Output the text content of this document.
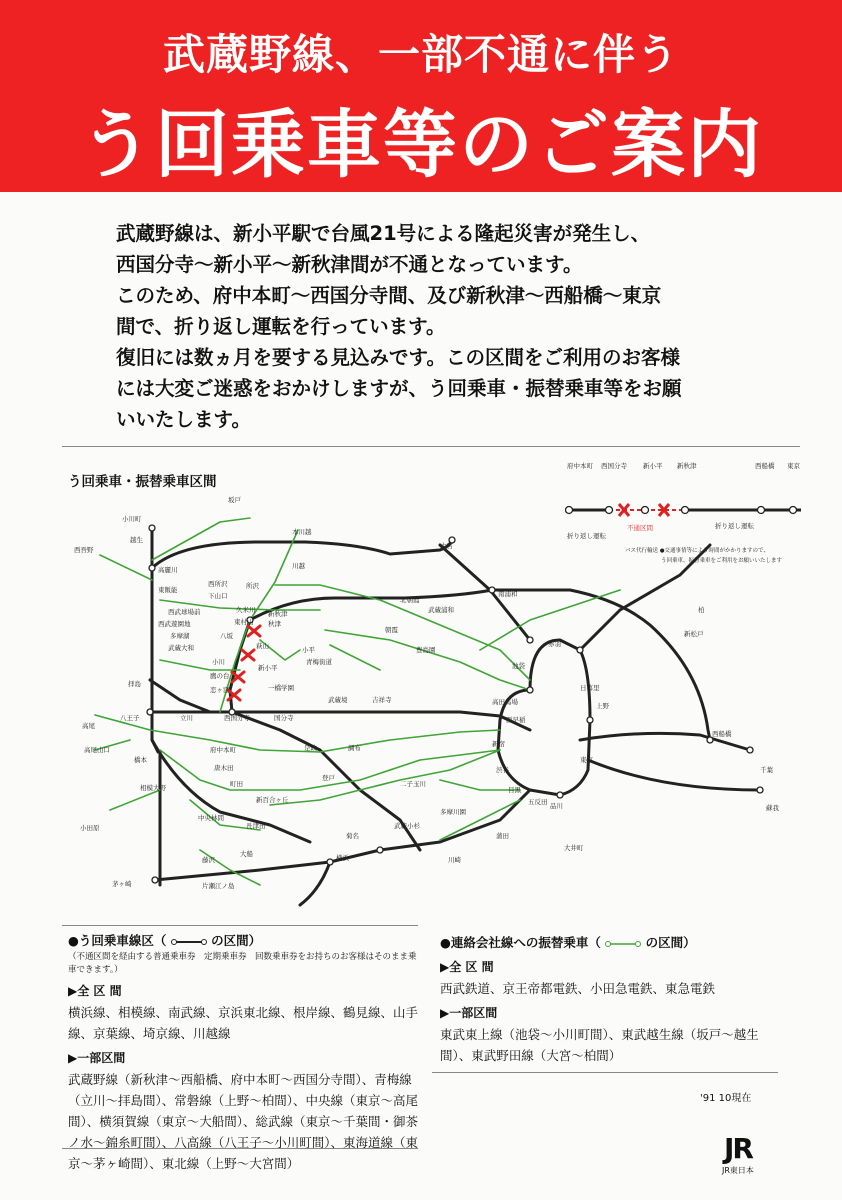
武蔵野線、一部不通に伴う
う回乗車等のご案内

武蔵野線は、新小平駅で台風21号による隆起災害が発生し、

西国分寺〜新小平〜新秋津間が不通となっています。

このため、府中本町〜西国分寺間、及び新秋津〜西船橋〜東京

間で、折り返し運転を行っています。

復旧には数ヵ月を要する見込みです。この区間をご利用のお客様

には大変ご迷惑をおかけしますが、う回乗車・振替乗車等をお願

いいたします。

う回乗車・振替乗車区間
小川町
坂戸
本川越
越生
西吾野
高麗川	川越
大宮
東飯能
西所沢	所沢
下山口	北朝霞
南浦和
柏
西武球場前	久米川	武蔵浦和
西武遊園地	東村山
新秋津
秋津
多摩湖
朝霞	新松戸
武蔵大和
八坂
萩山	小平	豊島園
赤羽
小川
新小平
青梅街道	池袋
鷹の台
拝島	一橋学園	日暮里
恋ヶ窪
高田馬場	上野
武蔵境	吉祥寺
西早稲
高尾
八王子	立川	西国分寺	国分寺
西船橋
新宿
府中本町	是政	調布
高尾山口
橋本	東京
唐木田	千葉
相模大野	町田
新百合ヶ丘
登戸
二子玉川
渋谷
目黒
五反田
蘇我
多摩川園
小田原
中央林間
長津田	武蔵小杉
品川
大井町
菊名	蒲田
藤沢
大船	横浜	川崎
茅ヶ崎	片瀬江ノ島
府中本町 西国分寺 新小平 新秋津	西船橋 東京
折り返し運転
不通区間	折り返し運転
バス代行輸送 ●交通事情等により時間がかかりますので、
う回乗車、振替乗車をご利用をお願いいたします
●う回乗車線区（	の区間）
（不通区間を経由する普通乗車券　定期乗車券　回数乗車券をお持ちのお客様はそのまま乗車できます。）
▶全 区 間
横浜線、相模線、南武線、京浜東北線、根岸線、鶴見線、山手線、京葉線、埼京線、川越線
▶一部区間
武蔵野線（新秋津〜西船橋、府中本町〜西国分寺間）、青梅線（立川〜拝島間）、常磐線（上野〜柏間）、中央線（東京〜高尾間）、横須賀線（東京〜大船間）、総武線（東京〜千葉間・御茶ノ水〜錦糸町間）、八高線（八王子〜小川町間）、東海道線（東京〜茅ヶ崎間）、東北線（上野〜大宮間）
●連絡会社線への振替乗車（	の区間）
▶全 区 間
西武鉄道、京王帝都電鉄、小田急電鉄、東急電鉄
▶一部区間
東武東上線（池袋〜小川町間）、東武越生線（坂戸〜越生間）、東武野田線（大宮〜柏間）
'91 10現在
JR
JR東日本
